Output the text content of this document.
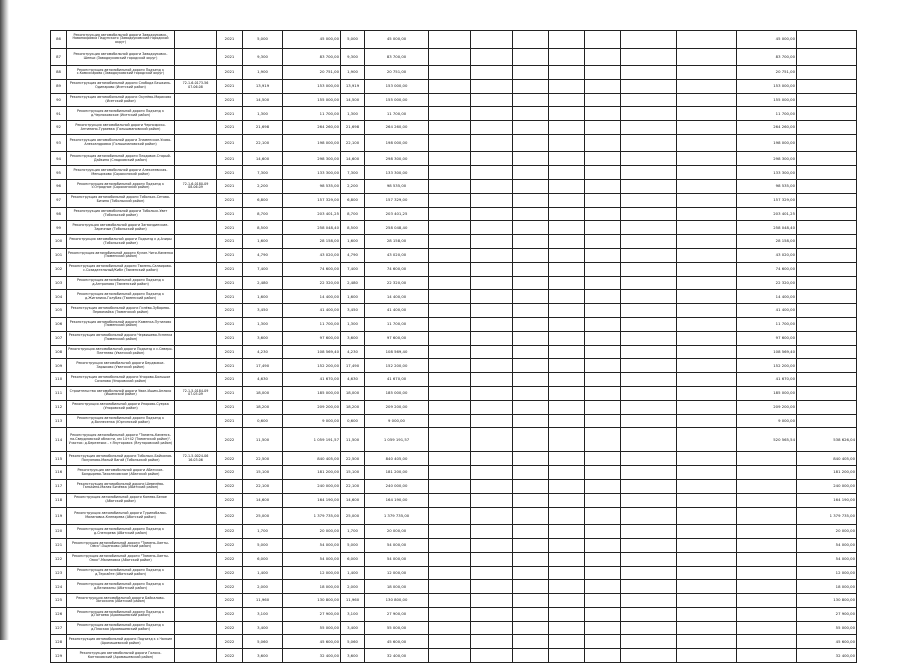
86	Реконструкция автомобильной дороги Заводоуковск-Новопокровка Падунского (Заводоуковский городской округ)		2021	5,000	45 000,00	5,000	45 000,00								45 000,00	
87	Реконструкция автомобильной дороги Заводоуковск-Шеньи (Заводоуковский городской округ)		2021	9,300	83 700,00	9,300	83 700,00								83 700,00	
88	Реконструкция автомобильной дороги Подъезд к с.Комиссарово (Заводоуковский городской округ)		2021	1,900	20 751,00	1,900	20 751,00								20 751,00	
89	Реконструкция автомобильной дороги Слобода Бешкиль-Одинарово (Исетский район)	72-1-6-0173-56 07.06.08	2021	13,919	153 000,00	13,919	153 000,00								153 000,00	
90	Реконструкция автомобильной дороги Окунёво-Марисово (Исетский район)		2021	14,500	155 000,00	14,500	155 000,00								155 000,00	
91	Реконструкция автомобильной дороги Подъезд к д.Черноковское (Исетский район)		2021	1,300	11 700,00	1,300	11 700,00								11 700,00	
92	Реконструкция автомобильной дороги Черноярско-Антипино-Тураевка (Голышмановский район)		2021	21,698	264 260,00	21,698	264 260,00								264 260,00	
93	Реконструкция автомобильной дороги Знаменское-Усово-Александровка (Голышмановский район)		2021	22,100	198 000,00	22,100	198 000,00								198 000,00	
94	Реконструкция автомобильной дороги Плодовое-Старый-Дайкино (Сладковский район)		2021	14,600	298 300,00	14,600	298 300,00								298 300,00	
95	Реконструкция автомобильной дороги Алексеевская-Менщиково (Сорокинский район)		2021	7,300	133 300,00	7,300	133 300,00								133 300,00	
96	Реконструкция автомобильной дороги Подъезд к с.Отрадное (Сорокинский район)	72-1-6-0180-09 08.06.09	2021	2,200	98 535,00	2,200	98 535,00								98 535,00	
97	Реконструкция автомобильной дороги Тобольск-Сетово-Бизино (Тобольский район)		2021	6,800	157 329,00	6,800	157 329,00								157 329,00	
98	Реконструкция автомобильной дороги Тобольск-Увет (Тобольский район)		2021	8,700	203 401,25	8,700	203 401,25								203 401,25	
99	Реконструкция автомобильной дороги Загваздинские-Заречные (Тобольский район)		2021	8,500	258 048,40	8,500	258 048,40								258 048,40	
100	Реконструкция автомобильной дороги Подъезд к д.Ачиры (Тобольский район)		2021	1,600	28 158,00	1,600	28 158,00								28 158,00	
101	Реконструкция автомобильной дороги Кулан-Чиги-Каменка (Тюменский район)		2021	4,790	43 020,00	4,790	43 020,00								43 020,00	
102	Реконструкция автомобильной дороги Тюмень-Салаирово-с.Созидательный/Кибл (Тюменский район)		2021	7,400	74 600,00	7,400	74 600,00								74 600,00	
103	Реконструкция автомобильной дороги Подъезд к д.Антропово (Тюменский район)		2021	2,480	22 320,00	2,480	22 320,00								22 320,00	
104	Реконструкция автомобильной дороги Подъезд к д.Жиганиха-Голубая (Тюменский район)		2021	1,600	14 400,00	1,600	14 400,00								14 400,00	
105	Реконструкция автомобильной дороги Гилёво-Зубарево-Первомайка (Тюменский район)		2021	3,450	41 400,00	3,450	41 400,00								41 400,00	
106	Реконструкция автомобильной дороги Каменка-Путилово (Тюменский район)		2021	1,300	11 700,00	1,300	11 700,00								11 700,00	
107	Реконструкция автомобильной дороги Червишево-Успенка (Тюменский район)		2021	3,600	97 600,00	3,600	97 600,00								97 600,00	
108	Реконструкция автомобильной дороги Подъезд к с.Северо-Плетнево (Уватский район)		2021	4,230	108 569,40	4,230	108 569,40								108 569,40	
109	Реконструкция автомобильной дороги Бердюжье-Зарыково (Уватский район)		2021	17,490	152 200,00	17,490	152 200,00								152 200,00	
110	Реконструкция автомобильной дороги Упорово-Большое Сазоново (Упоровский район)		2021	4,630	41 670,00	4,630	41 670,00								41 670,00	
111	Строительство автомобильной дороги Увал-Ишим-Аплоко (Ишимский район)	72-1-5-0184-09 07.05.09	2021	18,000	185 000,00	18,000	185 000,00								185 000,00	
112	Реконструкция автомобильной дороги Упорово-Суерка (Упоровский район)		2021	18,200	209 200,00	18,200	209 200,00								209 200,00	
113	Реконструкция автомобильной дороги Подъезд к д.Вознесенка (Юргинский район)		2021	0,600	9 000,00	0,600	9 000,00								9 000,00	
114	Реконструкция автомобильной дороги "Тюмень-Каменск-на-Свердловской области, км 14+42 (Тюменский район)". Участок: д.Березняки - г.Ялуторовск (Ялуторовский район)		2022	11,500	1 059 191,57	11,500	1 059 191,57								520 565,54	538 626,04
115	Реконструкция автомобильной дороги Тобольск-Байкалов-Полуяново-Малый Вагай (Тобольский район)	72-1-5-0024-06 16.03.06	2022	22,500	840 405,00	22,500	840 405,00									840 405,00
116	Реконструкция автомобильной дороги Абатское-Болдырево-Тихолесовское (Абатский район)		2022	15,100	181 200,00	15,100	181 200,00									181 200,00
117	Реконструкция автомобильной дороги Шевелёво-Ганькино-Малая Бичёвка (Абатский район)		2022	22,100	240 000,00	22,100	240 000,00									240 000,00
118	Реконструкция автомобильной дороги Конево-Белое (Абатский район)		2022	14,600	164 190,00	14,600	164 190,00									164 190,00
119	Реконструкция автомобильной дороги Туринобалки-Малиновка-Клепарева (Абатский район)		2022	25,000	1 379 735,00	25,000	1 379 735,00									1 379 735,00
120	Реконструкция автомобильной дороги Подъезд к д.Снегирева (Абатский район)		2022	1,700	20 000,00	1,700	20 000,00									20 000,00
121	Реконструкция автомобильной дороги "Тюмень-Ханты-Омск"-Ощепково (Абатский район)		2022	5,000	54 000,00	5,000	54 000,00									54 000,00
122	Реконструкция автомобильной дороги "Тюмень-Ханты-Омск"-Малиновка (Абатский район)		2022	6,000	54 000,00	6,000	54 000,00									54 000,00
123	Реконструкция автомобильной дороги Подъезд к д.Терсайте (Абатский район)		2022	1,400	12 000,00	1,400	12 000,00									12 000,00
124	Реконструкция автомобильной дороги Подъезд к д.Велижаны (Абатский район)		2022	2,000	18 000,00	2,000	18 000,00									18 000,00
125	Реконструкция автомобильной дороги Байкалово-Загоскина (Абатский район)		2022	11,960	130 800,00	11,960	130 800,00									130 800,00
126	Реконструкция автомобильной дороги Подъезд к д.Потаева (Аромашевский район)		2022	3,100	27 900,00	3,100	27 900,00									27 900,00
127	Реконструкция автомобильной дороги Подъезд к д.Плоская (Аромашевский район)		2022	3,400	55 000,00	3,400	55 000,00									55 000,00
128	Реконструкция автомобильной дороги Подъезд к с.Чалкин (Аромашевский район)		2022	5,060	45 600,00	5,060	45 600,00									45 600,00
129	Реконструкция автомобильной дороги Голосо-Коптяковский (Аромашевский район)		2022	3,600	32 400,00	3,600	32 400,00									32 400,00
